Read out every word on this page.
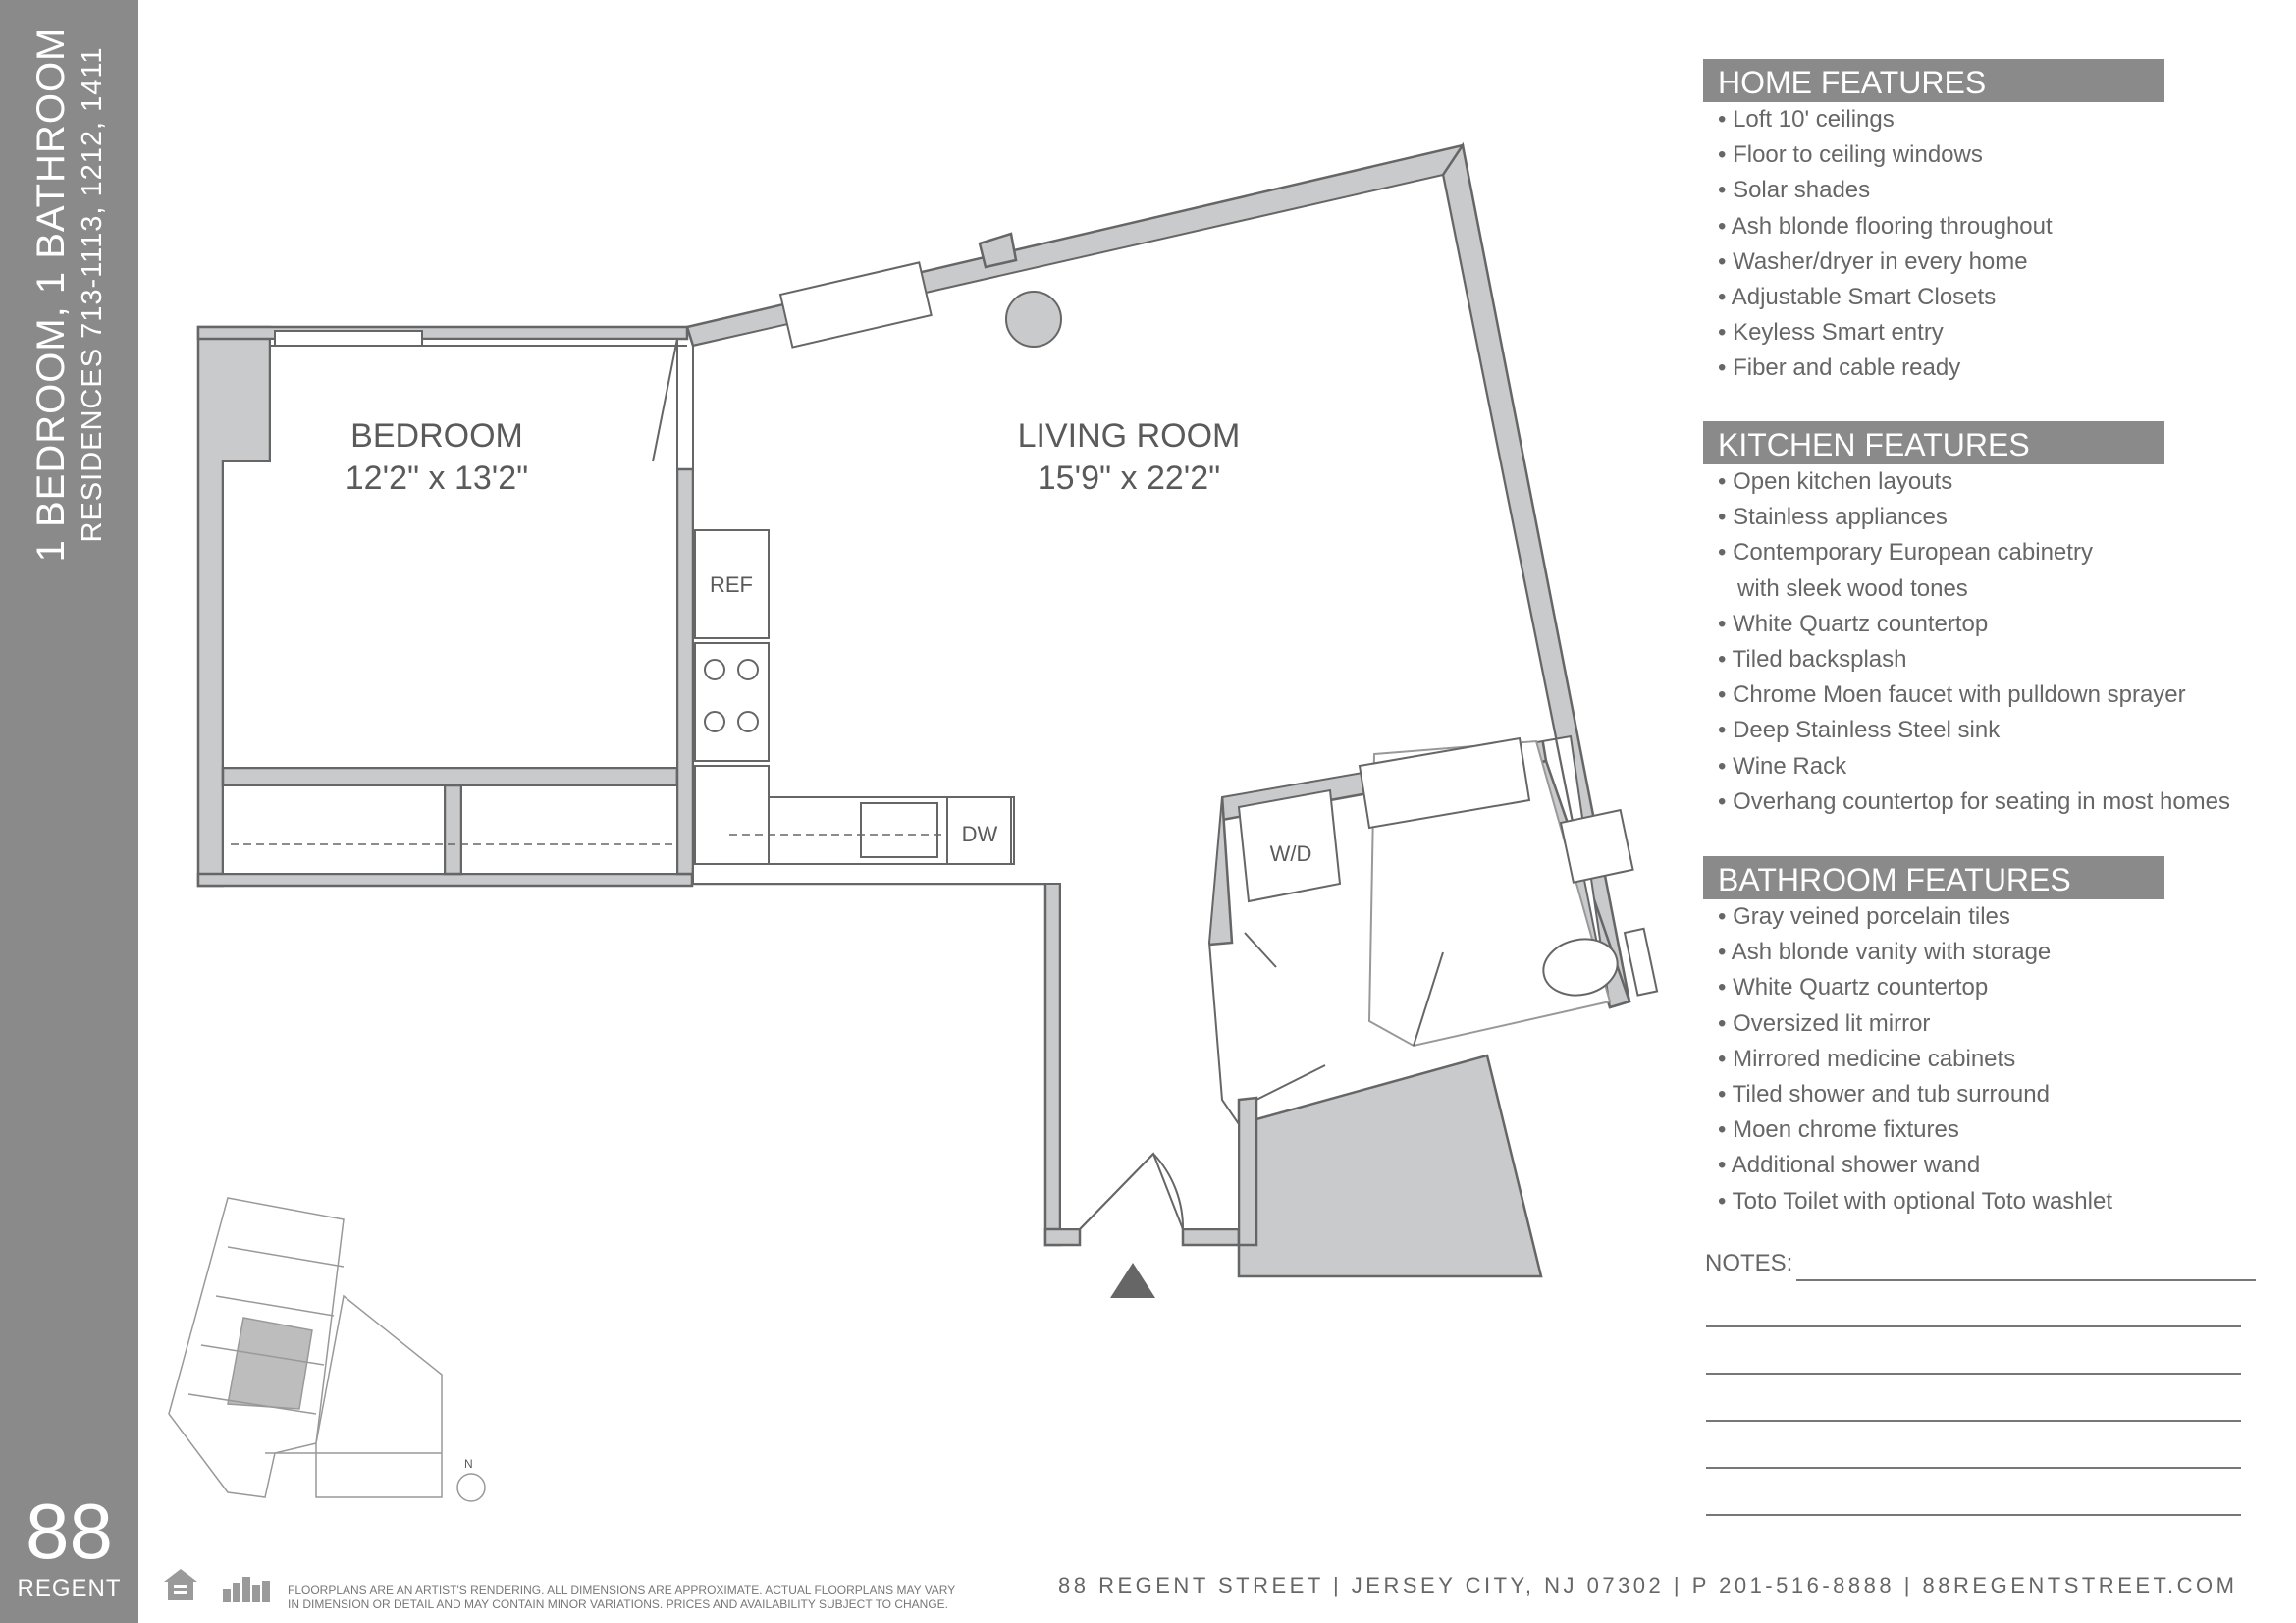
1 BEDROOM, 1 BATHROOM RESIDENCES 713-1113, 1212, 1411
88
REGENT
BEDROOM
12'2" x 13'2"
LIVING ROOM
15'9" x 22'2"
REF
W/D
DW
N
HOME FEATURES
• Loft 10' ceilings
• Floor to ceiling windows
• Solar shades
• Ash blonde flooring throughout
• Washer/dryer in every home
• Adjustable Smart Closets
• Keyless Smart entry
• Fiber and cable ready
KITCHEN FEATURES
• Open kitchen layouts
• Stainless appliances
• Contemporary European cabinetry
with sleek wood tones
• White Quartz countertop
• Tiled backsplash
• Chrome Moen faucet with pulldown sprayer
• Deep Stainless Steel sink
• Wine Rack
• Overhang countertop for seating in most homes
BATHROOM FEATURES
• Gray veined porcelain tiles
• Ash blonde vanity with storage
• White Quartz countertop
• Oversized lit mirror
• Mirrored medicine cabinets
• Tiled shower and tub surround
• Moen chrome fixtures
• Additional shower wand
• Toto Toilet with optional Toto washlet
NOTES:
FLOORPLANS ARE AN ARTIST'S RENDERING. ALL DIMENSIONS ARE APPROXIMATE. ACTUAL FLOORPLANS MAY VARY
IN DIMENSION OR DETAIL AND MAY CONTAIN MINOR VARIATIONS. PRICES AND AVAILABILITY SUBJECT TO CHANGE.
88 REGENT STREET | JERSEY CITY, NJ 07302 | P 201-516-8888 | 88REGENTSTREET.COM
